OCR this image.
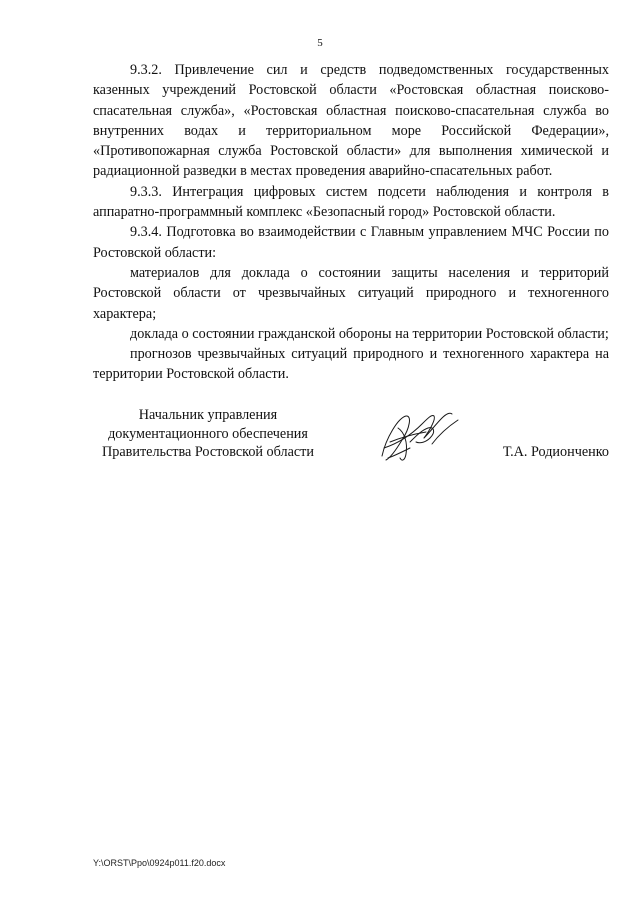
5

9.3.2. Привлечение сил и средств подведомственных государственных казенных учреждений Ростовской области «Ростовская областная поисково-спасательная служба», «Ростовская областная поисково-спасательная служба во внутренних водах и территориальном море Российской Федерации», «Противопожарная служба Ростовской области» для выполнения химической и радиационной разведки в местах проведения аварийно-спасательных работ.

9.3.3. Интеграция цифровых систем подсети наблюдения и контроля в аппаратно-программный комплекс «Безопасный город» Ростовской области.

9.3.4. Подготовка во взаимодействии с Главным управлением МЧС России по Ростовской области:

материалов для доклада о состоянии защиты населения и территорий Ростовской области от чрезвычайных ситуаций природного и техногенного характера;

доклада о состоянии гражданской обороны на территории Ростовской области;

прогнозов чрезвычайных ситуаций природного и техногенного характера на территории Ростовской области.

Начальник управления
документационного обеспечения
Правительства Ростовской области	Т.А. Родионченко
Y:\ORST\Ppo\0924p011.f20.docx
